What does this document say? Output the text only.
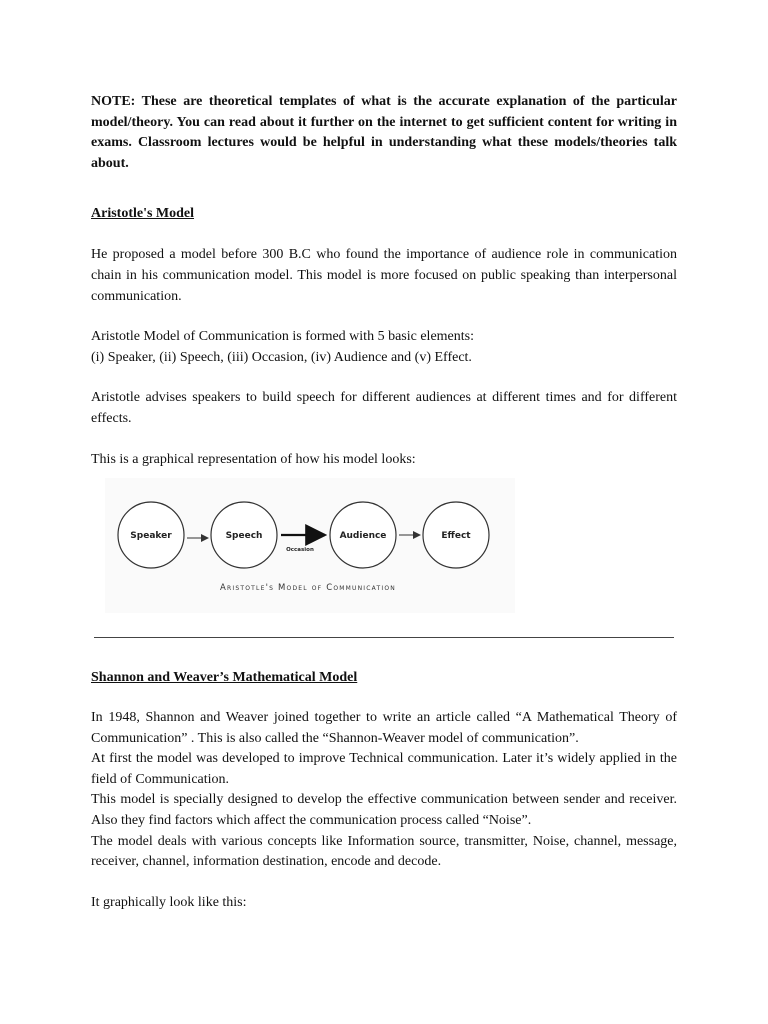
NOTE: These are theoretical templates of what is the accurate explanation of the particular model/theory. You can read about it further on the internet to get sufficient content for writing in exams. Classroom lectures would be helpful in understanding what these models/theories talk about.

Aristotle's Model

He proposed a model before 300 B.C who found the importance of audience role in communication chain in his communication model. This model is more focused on public speaking than interpersonal communication.

Aristotle Model of Communication is formed with 5 basic elements:
(i) Speaker, (ii) Speech, (iii) Occasion, (iv) Audience and (v) Effect.

Aristotle advises speakers to build speech for different audiences at different times and for different effects.

This is a graphical representation of how his model looks:

Speaker	Speech
Occasion
Audience	Effect
Aristotle's Model of Communication

Shannon and Weaver’s Mathematical Model

In 1948, Shannon and Weaver joined together to write an article called “A Mathematical Theory of Communication” . This is also called the “Shannon-Weaver model of communication”.

At first the model was developed to improve Technical communication. Later it’s widely applied in the field of Communication.

This model is specially designed to develop the effective communication between sender and receiver. Also they find factors which affect the communication process called “Noise”.

The model deals with various concepts like Information source, transmitter, Noise, channel, message, receiver, channel, information destination, encode and decode.

It graphically look like this:
